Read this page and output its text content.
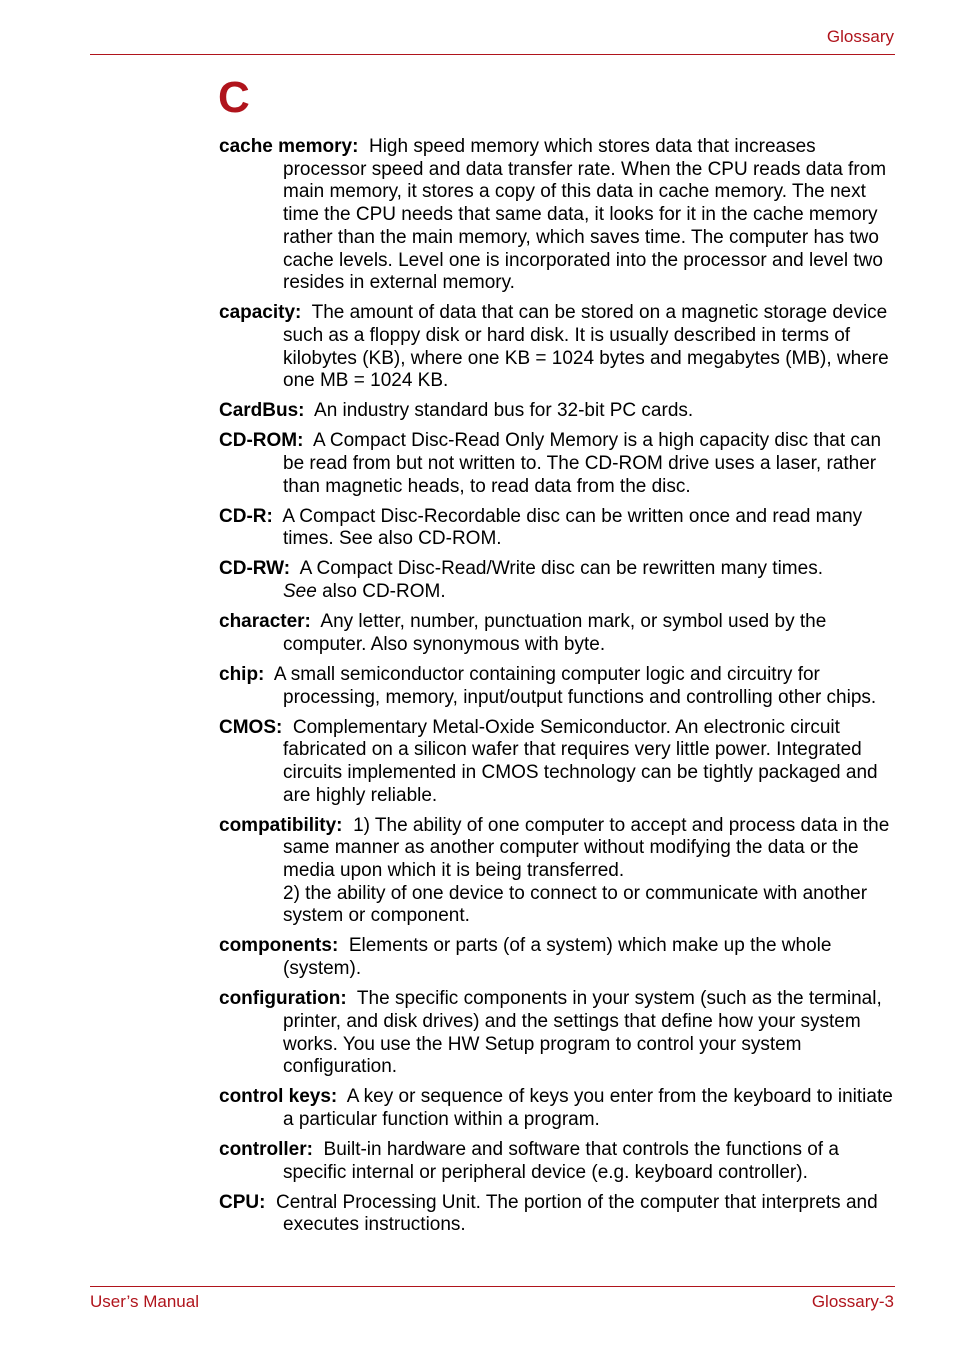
Glossary
C

cache memory: High speed memory which stores data that increases processor speed and data transfer rate. When the CPU reads data from main memory, it stores a copy of this data in cache memory. The next time the CPU needs that same data, it looks for it in the cache memory rather than the main memory, which saves time. The computer has two cache levels. Level one is incorporated into the processor and level two resides in external memory.

capacity: The amount of data that can be stored on a magnetic storage device such as a floppy disk or hard disk. It is usually described in terms of kilobytes (KB), where one KB = 1024 bytes and megabytes (MB), where one MB = 1024 KB.

CardBus: An industry standard bus for 32-bit PC cards.

CD-ROM: A Compact Disc-Read Only Memory is a high capacity disc that can be read from but not written to. The CD-ROM drive uses a laser, rather than magnetic heads, to read data from the disc.

CD-R: A Compact Disc-Recordable disc can be written once and read many times. See also CD-ROM.

CD-RW: A Compact Disc-Read/Write disc can be rewritten many times.
See also CD-ROM.

character: Any letter, number, punctuation mark, or symbol used by the computer. Also synonymous with byte.

chip: A small semiconductor containing computer logic and circuitry for processing, memory, input/output functions and controlling other chips.

CMOS: Complementary Metal-Oxide Semiconductor. An electronic circuit fabricated on a silicon wafer that requires very little power. Integrated circuits implemented in CMOS technology can be tightly packaged and are highly reliable.

compatibility: 1) The ability of one computer to accept and process data in the same manner as another computer without modifying the data or the media upon which it is being transferred.
2) the ability of one device to connect to or communicate with another system or component.

components: Elements or parts (of a system) which make up the whole (system).

configuration: The specific components in your system (such as the terminal, printer, and disk drives) and the settings that define how your system works. You use the HW Setup program to control your system configuration.

control keys: A key or sequence of keys you enter from the keyboard to initiate a particular function within a program.

controller: Built-in hardware and software that controls the functions of a specific internal or peripheral device (e.g. keyboard controller).

CPU: Central Processing Unit. The portion of the computer that interprets and executes instructions.

User’s Manual	Glossary-3
